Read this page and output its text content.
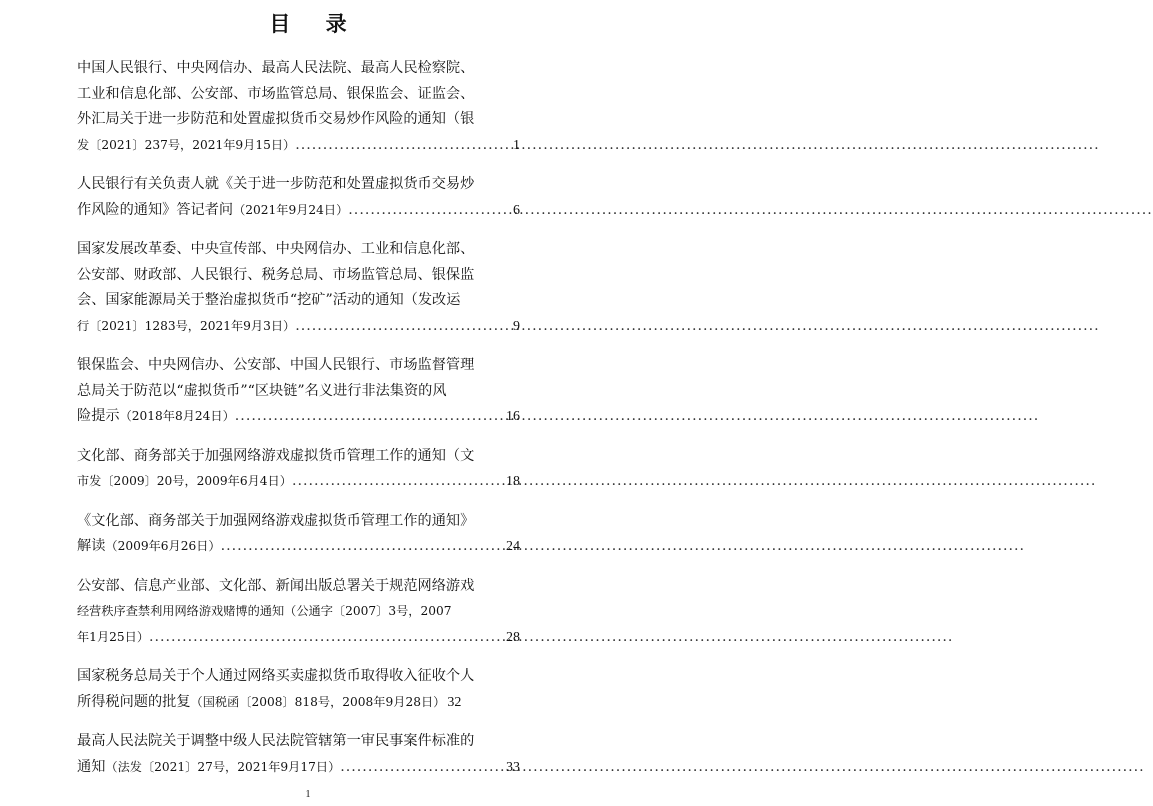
目 录
中国人民银行、中央网信办、最高人民法院、最高人民检察院、
工业和信息化部、公安部、市场监管总局、银保监会、证监会、
外汇局关于进一步防范和处置虚拟货币交易炒作风险的通知（银
发〔2021〕237号，2021年9月15日） .....	1
人民银行有关负责人就《关于进一步防范和处置虚拟货币交易炒
作风险的通知》答记者问（2021年9月24日） .....	6
国家发展改革委、中央宣传部、中央网信办、工业和信息化部、
公安部、财政部、人民银行、税务总局、市场监管总局、银保监
会、国家能源局关于整治虚拟货币“挖矿”活动的通知（发改运
行〔2021〕1283号，2021年9月3日） .....	9
银保监会、中央网信办、公安部、中国人民银行、市场监督管理
总局关于防范以“虚拟货币”“区块链”名义进行非法集资的风
险提示（2018年8月24日） .....	16
文化部、商务部关于加强网络游戏虚拟货币管理工作的通知（文
市发〔2009〕20号，2009年6月4日） .....	18
《文化部、商务部关于加强网络游戏虚拟货币管理工作的通知》
解读（2009年6月26日） .....	24
公安部、信息产业部、文化部、新闻出版总署关于规范网络游戏
经营秩序查禁利用网络游戏赌博的通知（公通字〔2007〕3号，2007
年1月25日） .....	28
国家税务总局关于个人通过网络买卖虚拟货币取得收入征收个人
所得税问题的批复（国税函〔2008〕818号，2008年9月28日） 32
最高人民法院关于调整中级人民法院管辖第一审民事案件标准的
通知（法发〔2021〕27号，2021年9月17日） .....	33
1
